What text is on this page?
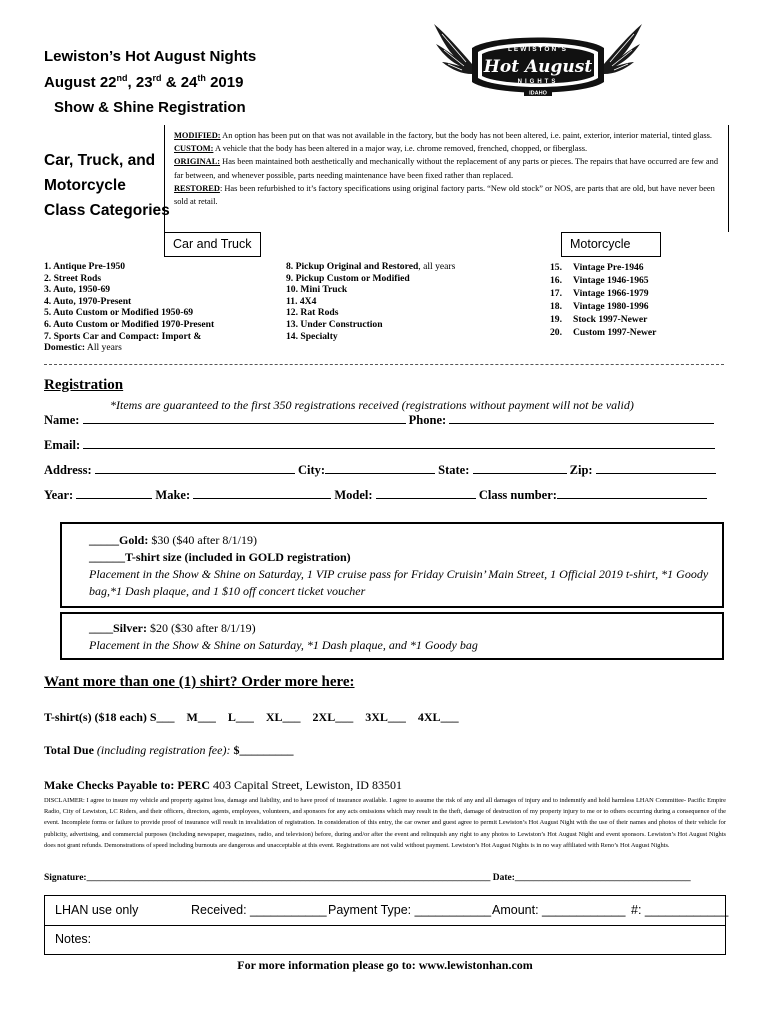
Lewiston’s Hot August Nights
August 22nd, 23rd & 24th 2019
Show & Shine Registration
LEWISTON'S
Hot August
NIGHTS
IDAHO
Car, Truck, and
Motorcycle
Class Categories

MODIFIED: An option has been put on that was not available in the factory, but the body has not been altered, i.e. paint, exterior, interior material, tinted glass.

CUSTOM: A vehicle that the body has been altered in a major way, i.e. chrome removed, frenched, chopped, or fiberglass.

ORIGINAL: Has been maintained both aesthetically and mechanically without the replacement of any parts or pieces. The repairs that have occurred are few and far between, and whenever possible, parts needing maintenance have been fixed rather than replaced.

RESTORED: Has been refurbished to it’s factory specifications using original factory parts. “New old stock” or NOS, are parts that are old, but have never been sold at retail.

Car and Truck	Motorcycle
1. Antique Pre-1950
2. Street Rods
3. Auto, 1950-69
4. Auto, 1970-Present
5. Auto Custom or Modified 1950-69
6. Auto Custom or Modified 1970-Present
7. Sports Car and Compact: Import &
Domestic: All years
8. Pickup Original and Restored, all years
9. Pickup Custom or Modified
10. Mini Truck
11. 4X4
12. Rat Rods
13. Under Construction
14. Specialty
15. Vintage Pre-1946
16. Vintage 1946-1965
17. Vintage 1966-1979
18. Vintage 1980-1996
19. Stock 1997-Newer
20. Custom 1997-Newer
Registration
*Items are guaranteed to the first 350 registrations received (registrations without payment will not be valid)
Name:	Phone:
Email:
Address:	City:	State:	Zip:
Year:	Make:	Model:	Class number:
_____Gold: $30 ($40 after 8/1/19)
______T-shirt size (included in GOLD registration)
Placement in the Show & Shine on Saturday, 1 VIP cruise pass for Friday Cruisin’ Main Street, 1 Official 2019 t-shirt, *1 Goody bag,*1 Dash plaque, and 1 $10 off concert ticket voucher
____Silver: $20 ($30 after 8/1/19)
Placement in the Show & Shine on Saturday, *1 Dash plaque, and *1 Goody bag
Want more than one (1) shirt? Order more here:
T-shirt(s) ($18 each) S___    M___    L___    XL___    2XL___    3XL___    4XL___
Total Due (including registration fee): $_________
Make Checks Payable to: PERC 403 Capital Street, Lewiston, ID 83501
DISCLAIMER: I agree to insure my vehicle and property against loss, damage and liability, and to have proof of insurance available. I agree to assume the risk of any and all damages of injury and to indemnify and hold harmless LHAN Committee- Pacific Empire Radio, City of Lewiston, LC Riders, and their officers, directors, agents, employees, volunteers, and sponsors for any acts omissions which may result in the theft, damage of destruction of my property injury to me or to others occurring during a consequence of the event. Incomplete forms or failure to provide proof of insurance will result in invalidation of registration. In consideration of this entry, the car owner and guest agree to permit Lewiston’s Hot August Night with the use of their names and photos of their vehicle for publicity, advertising, and commercial purposes (including newspaper, magazines, radio, and television) before, during and/or after the event and relinquish any right to any photos to Lewiston’s Hot August Night and event sponsors. Lewiston’s Hot August Nights does not grant refunds. Demonstrations of speed including burnouts are dangerous and unacceptable at this event. Registrations are not valid without payment. Lewiston’s Hot August Nights is in no way affiliated with Reno’s Hot August Nights.
Signature:_____________________________________________________________________________________ Date:_____________________________________
LHAN use only	Received: ___________ Payment Type: ___________ Amount: ____________ #: ____________
Notes:
For more information please go to: www.lewistonhan.com
